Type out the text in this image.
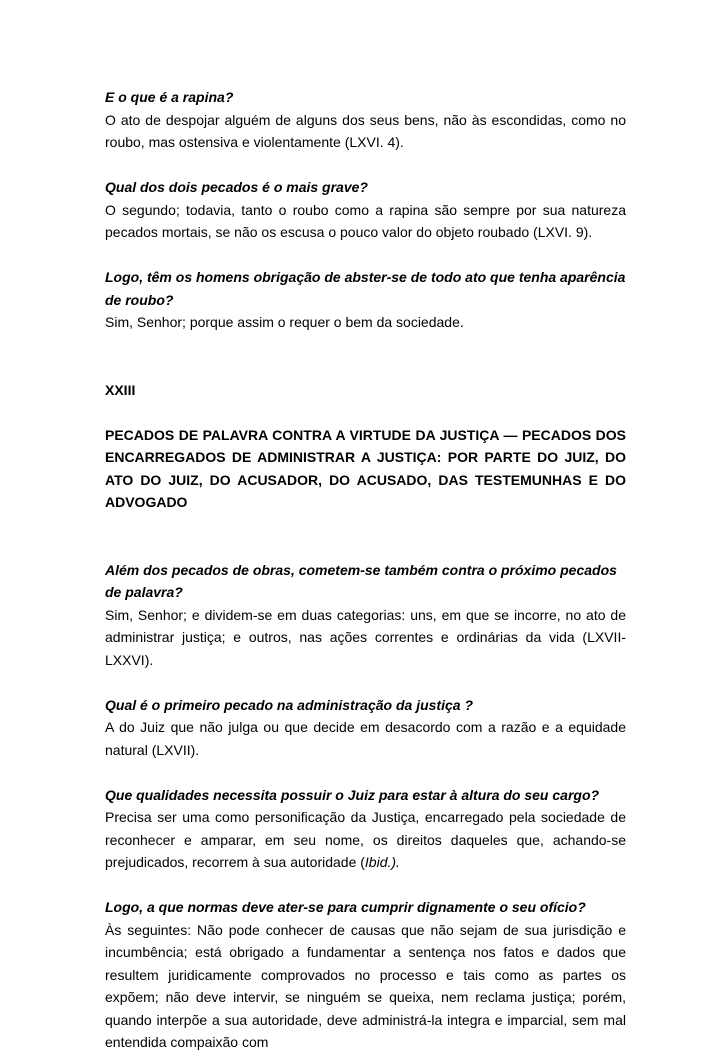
E o que é a rapina?

O ato de despojar alguém de alguns dos seus bens, não às escondidas, como no roubo, mas ostensiva e violentamente (LXVI. 4).

Qual dos dois pecados é o mais grave?

O segundo; todavia, tanto o roubo como a rapina são sempre por sua natureza pecados mortais, se não os escusa o pouco valor do objeto roubado (LXVI. 9).

Logo, têm os homens obrigação de abster-se de todo ato que tenha aparência de roubo?

Sim, Senhor; porque assim o requer o bem da sociedade.

XXIII

PECADOS DE PALAVRA CONTRA A VIRTUDE DA JUSTIÇA — PECADOS DOS ENCARREGADOS DE ADMINISTRAR A JUSTIÇA: POR PARTE DO JUIZ, DO ATO DO JUIZ, DO ACUSADOR, DO ACUSADO, DAS TESTEMUNHAS E DO ADVOGADO

Além dos pecados de obras, cometem-se também contra o próximo pecados de palavra?

Sim, Senhor; e dividem-se em duas categorias: uns, em que se incorre, no ato de administrar justiça; e outros, nas ações correntes e ordinárias da vida (LXVII-LXXVI).

Qual é o primeiro pecado na administração da justiça ?

A do Juiz que não julga ou que decide em desacordo com a razão e a equidade natural (LXVII).

Que qualidades necessita possuir o Juiz para estar à altura do seu cargo?

Precisa ser uma como personificação da Justiça, encarregado pela sociedade de reconhecer e amparar, em seu nome, os direitos daqueles que, achando-se prejudicados, recorrem à sua autoridade (Ibid.).

Logo, a que normas deve ater-se para cumprir dignamente o seu ofício?

Às seguintes: Não pode conhecer de causas que não sejam de sua jurisdição e incumbência; está obrigado a fundamentar a sentença nos fatos e dados que resultem juridicamente comprovados no processo e tais como as partes os expõem; não deve intervir, se ninguém se queixa, nem reclama justiça; porém, quando interpõe a sua autoridade, deve administrá-la integra e imparcial, sem mal entendida compaixão com
